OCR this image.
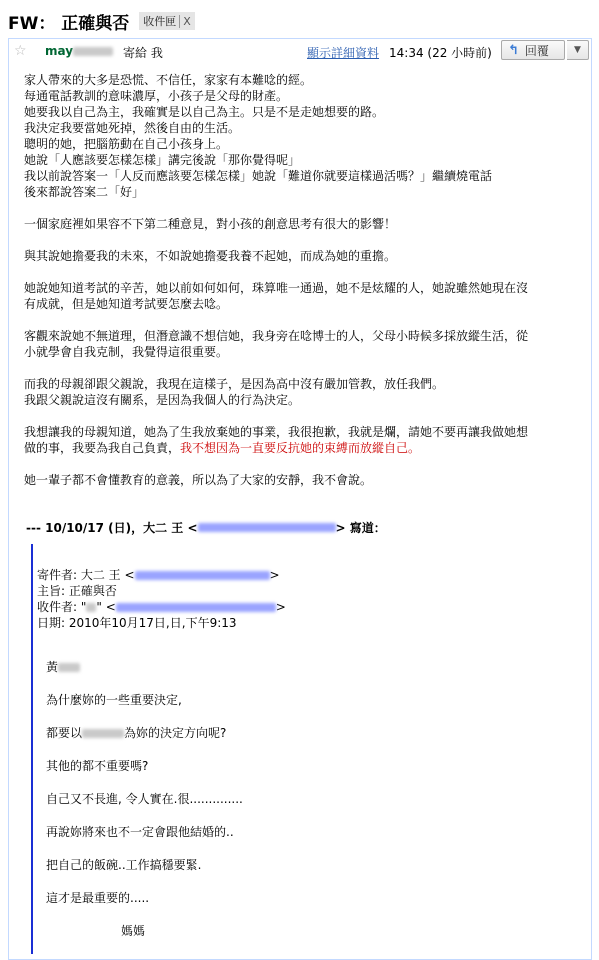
FW： 正確與否 收件匣 X
☆ may	寄給 我	顯示詳細資料 14:34 (22 小時前) ↰ 回覆	▼

家人帶來的大多是恐慌、不信任，家家有本難唸的經。
每通電話教訓的意味濃厚，小孩子是父母的財產。
她要我以自己為主，我確實是以自己為主。只是不是走她想要的路。
我決定我要當她死掉，然後自由的生活。
聰明的她，把腦筋動在自己小孩身上。
她說「人應該要怎樣怎樣」講完後說「那你覺得呢」
我以前說答案一「人反而應該要怎樣怎樣」她說「難道你就要這樣過活嗎？」繼續燒電話
後來都說答案二「好」

一個家庭裡如果容不下第二種意見，對小孩的創意思考有很大的影響！

與其說她擔憂我的未來，不如說她擔憂我養不起她，而成為她的重擔。

她說她知道考試的辛苦，她以前如何如何，珠算唯一通過，她不是炫耀的人，她說雖然她現在沒
有成就，但是她知道考試要怎麼去唸。

客觀來說她不無道理，但潛意識不想信她，我身旁在唸博士的人，父母小時候多採放縱生活，從
小就學會自我克制，我覺得這很重要。

而我的母親卻跟父親說，我現在這樣子，是因為高中沒有嚴加管教，放任我們。
我跟父親說這沒有關系，是因為我個人的行為決定。

我想讓我的母親知道，她為了生我放棄她的事業，我很抱歉，我就是爛，請她不要再讓我做她想
做的事，我要為我自己負責，我不想因為一直要反抗她的束縛而放縱自己。

她一輩子都不會懂教育的意義，所以為了大家的安靜，我不會說。

--- 10/10/17 (日)，大二 王 <	> 寫道：
寄件者: 大二 王 <	>
主旨: 正確與否
收件者: " " <	>
日期: 2010年10月17日,日,下午9:13

黃

為什麼妳的一些重要決定,

都要以	為妳的決定方向呢?

其他的都不重要嗎?

自己又不長進, 令人實在.很..............

再說妳將來也不一定會跟他結婚的..

把自己的飯碗..工作搞穩要緊.

這才是最重要的.....

媽媽
